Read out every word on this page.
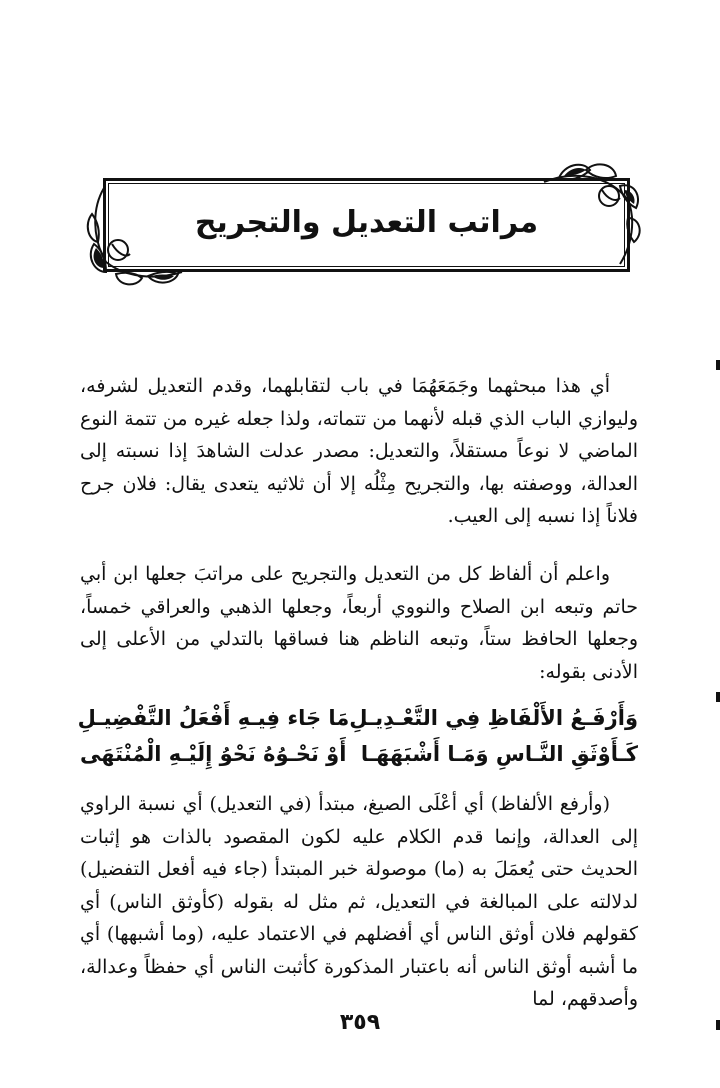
مراتب التعديل والتجريح

أي هذا مبحثهما وجَمَعَهُمَا في باب لتقابلهما، وقدم التعديل لشرفه، وليوازي الباب الذي قبله لأنهما من تتماته، ولذا جعله غيره من تتمة النوع الماضي لا نوعاً مستقلاً، والتعديل: مصدر عدلت الشاهدَ إذا نسبته إلى العدالة، ووصفته بها، والتجريح مِثْلُه إلا أن ثلاثيه يتعدى يقال: فلان جرح فلاناً إذا نسبه إلى العيب.

واعلم أن ألفاظ كل من التعديل والتجريح على مراتبَ جعلها ابن أبي حاتم وتبعه ابن الصلاح والنووي أربعاً، وجعلها الذهبي والعراقي خمساً، وجعلها الحافظ ستاً، وتبعه الناظم هنا فساقها بالتدلي من الأعلى إلى الأدنى بقوله:

وَأَرْفَـعُ الأَلْفَاظِ فِي التَّعْـدِيـلِ
مَا جَاء فِيـهِ أَفْعَلُ التَّفْضِيـلِ
كَـأَوْثَقِ النَّـاسِ وَمَـا أَشْبَهَهَـا
أَوْ نَحْـوُهُ نَحْوُ إِلَيْـهِ الْمُنْتَهَى

(وأرفع الألفاظ) أي أعْلَى الصيغ، مبتدأ (في التعديل) أي نسبة الراوي إلى العدالة، وإنما قدم الكلام عليه لكون المقصود بالذات هو إثبات الحديث حتى يُعمَلَ به (ما) موصولة خبر المبتدأ (جاء فيه أفعل التفضيل) لدلالته على المبالغة في التعديل، ثم مثل له بقوله (كأوثق الناس) أي كقولهم فلان أوثق الناس أي أفضلهم في الاعتماد عليه، (وما أشبهها) أي ما أشبه أوثق الناس أنه باعتبار المذكورة كأثبت الناس أي حفظاً وعدالة، وأصدقهم، لما

٣٥٩
